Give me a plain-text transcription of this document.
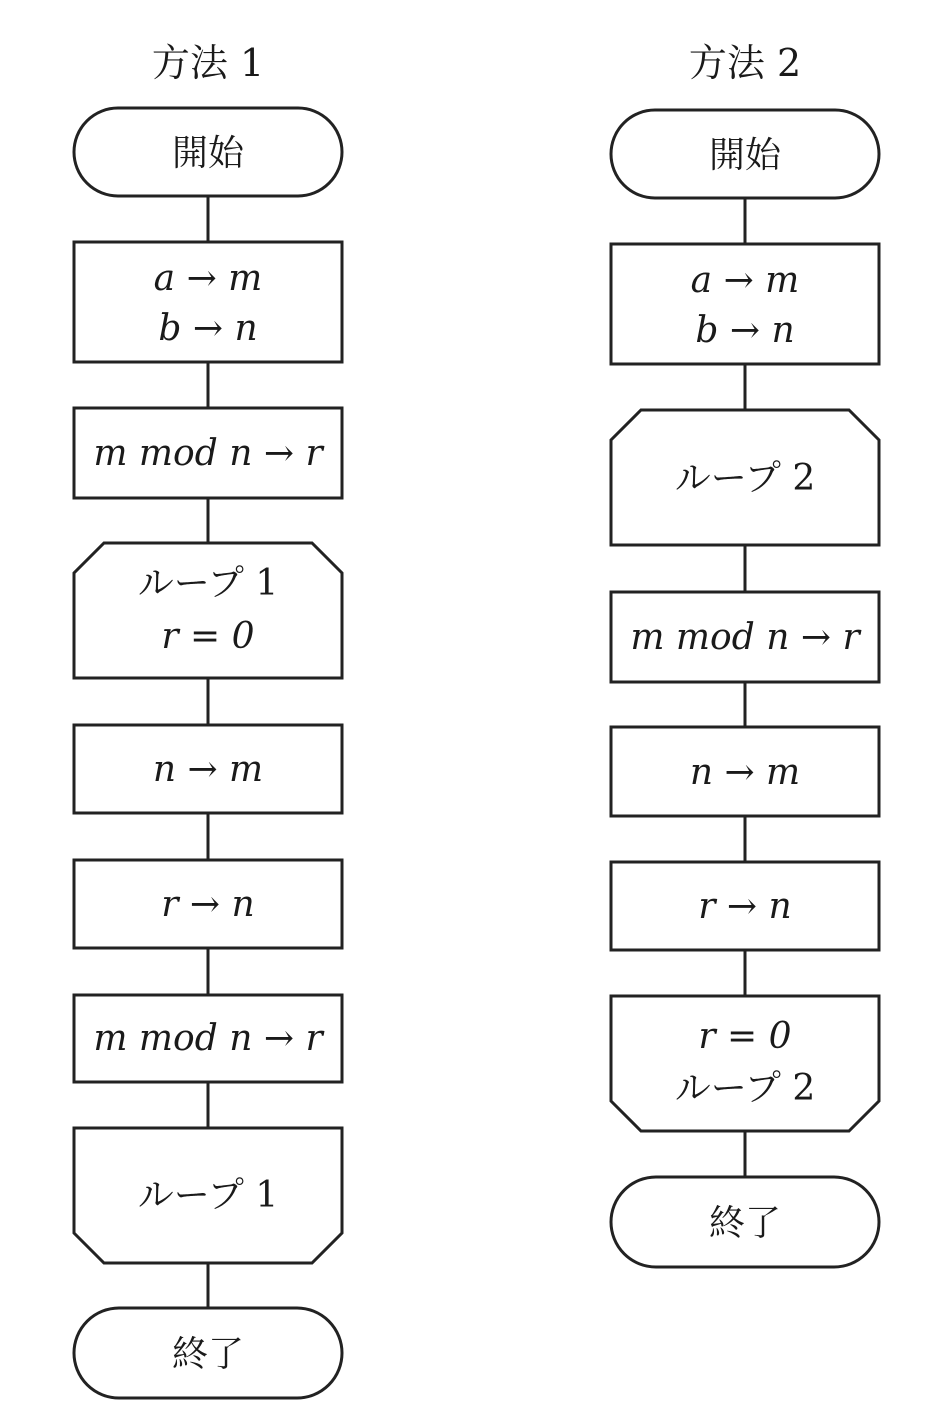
方法 1
開始
a → m
b → n
m mod n → r
ループ 1
r = 0
n → m
r → n
m mod n → r
ループ 1
終了
方法 2
開始
a → m
b → n
ループ 2
m mod n → r
n → m
r → n
r = 0
ループ 2
終了
